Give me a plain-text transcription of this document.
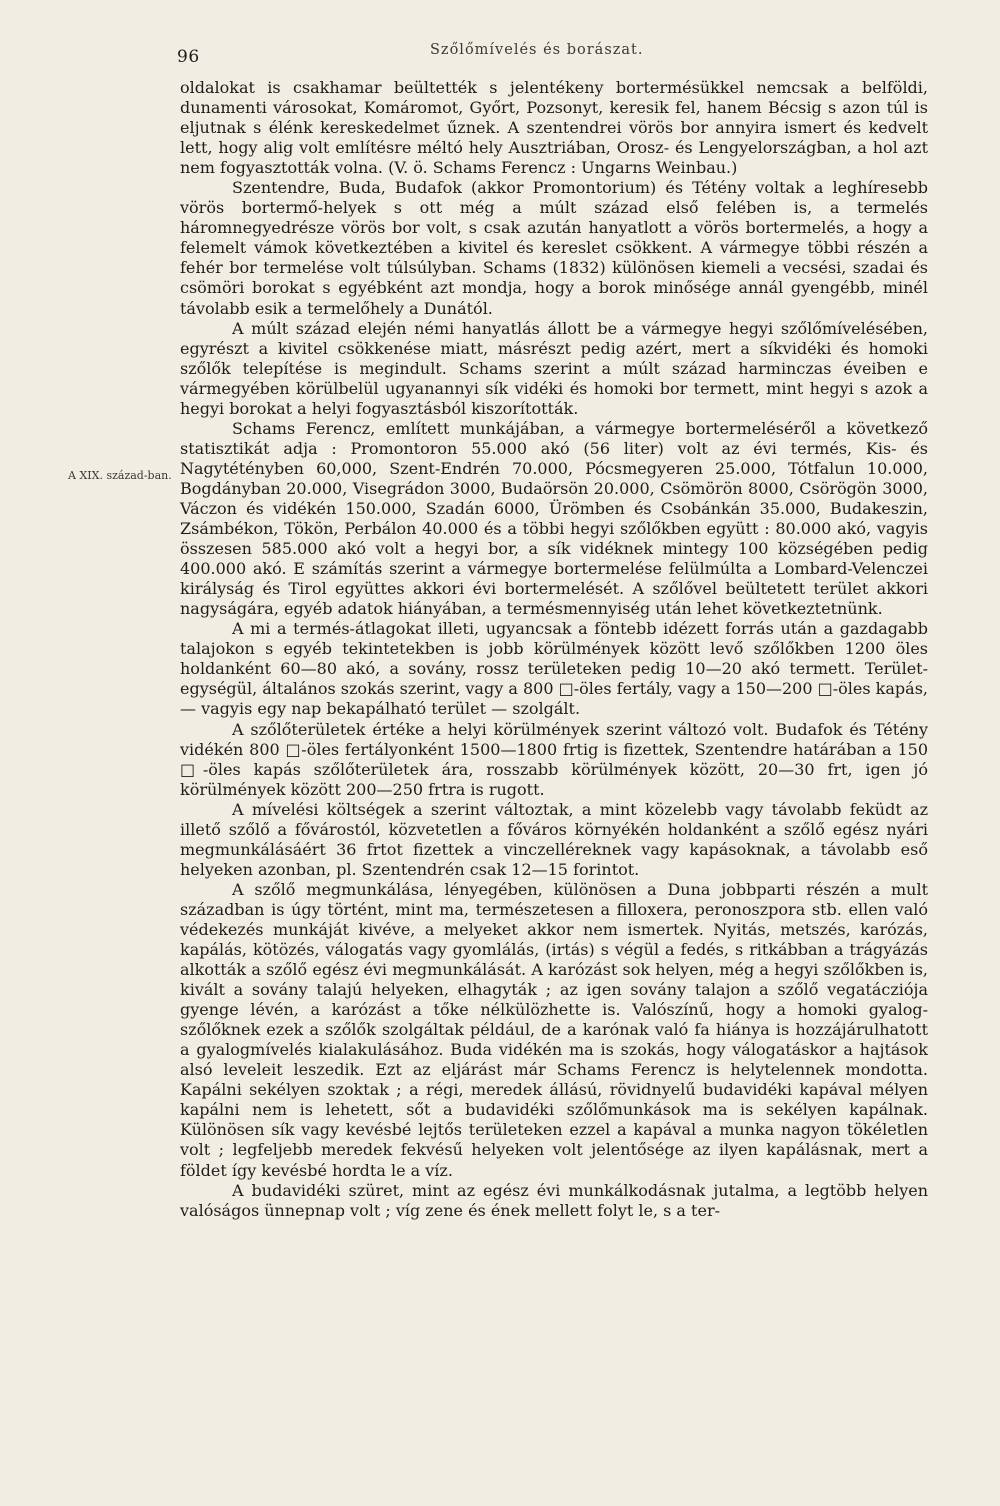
96	Szőlőmívelés és borászat.
A XIX. század-ban.

oldalokat is csakhamar beültették s jelentékeny bortermésükkel nemcsak a belföldi, dunamenti városokat, Komáromot, Győrt, Pozsonyt, keresik fel, hanem Bécsig s azon túl is eljutnak s élénk kereskedelmet űznek. A szentendrei vörös bor annyira ismert és kedvelt lett, hogy alig volt említésre méltó hely Ausztriában, Orosz- és Lengyelországban, a hol azt nem fogyasztották volna. (V. ö. Schams Ferencz : Ungarns Weinbau.)

Szentendre, Buda, Budafok (akkor Promontorium) és Tétény voltak a leghíresebb vörös bortermő-helyek s ott még a múlt század első felében is, a termelés háromnegyedrésze vörös bor volt, s csak azután hanyatlott a vörös bortermelés, a hogy a felemelt vámok következtében a kivitel és kereslet csökkent. A vármegye többi részén a fehér bor termelése volt túlsúlyban. Schams (1832) különösen kiemeli a vecsési, szadai és csömöri borokat s egyébként azt mondja, hogy a borok minősége annál gyengébb, minél távolabb esik a termelőhely a Dunától.

A múlt század elején némi hanyatlás állott be a vármegye hegyi szőlőmívelésében, egyrészt a kivitel csökkenése miatt, másrészt pedig azért, mert a síkvidéki és homoki szőlők telepítése is megindult. Schams szerint a múlt század harminczas éveiben e vármegyében körülbelül ugyanannyi sík vidéki és homoki bor termett, mint hegyi s azok a hegyi borokat a helyi fogyasztásból kiszorították.

Schams Ferencz, említett munkájában, a vármegye bortermeléséről a következő statisztikát adja : Promontoron 55.000 akó (56 liter) volt az évi termés, Kis- és Nagytétényben 60,000, Szent-Endrén 70.000, Pócsmegyeren 25.000, Tótfalun 10.000, Bogdányban 20.000, Visegrádon 3000, Budaörsön 20.000, Csömörön 8000, Csörögön 3000, Váczon és vidékén 150.000, Szadán 6000, Ürömben és Csobánkán 35.000, Budakeszin, Zsámbékon, Tökön, Perbálon 40.000 és a többi hegyi szőlőkben együtt : 80.000 akó, vagyis összesen 585.000 akó volt a hegyi bor, a sík vidéknek mintegy 100 községében pedig 400.000 akó. E számítás szerint a vármegye bortermelése felülmúlta a Lombard-Velenczei királyság és Tirol együttes akkori évi bortermelését. A szőlővel beültetett terület akkori nagyságára, egyéb adatok hiányában, a termésmennyiség után lehet következtetnünk.

A mi a termés-átlagokat illeti, ugyancsak a föntebb idézett forrás után a gazdagabb talajokon s egyéb tekintetekben is jobb körülmények között levő szőlőkben 1200 öles holdanként 60—80 akó, a sovány, rossz területeken pedig 10—20 akó termett. Terület-egységül, általános szokás szerint, vagy a 800 □-öles fertály, vagy a 150—200 □-öles kapás, — vagyis egy nap bekapálható terület — szolgált.

A szőlőterületek értéke a helyi körülmények szerint változó volt. Budafok és Tétény vidékén 800 □-öles fertályonként 1500—1800 frtig is fizettek, Szentendre határában a 150 □-öles kapás szőlőterületek ára, rosszabb körülmények között, 20—30 frt, igen jó körülmények között 200—250 frtra is rugott.

A mívelési költségek a szerint változtak, a mint közelebb vagy távolabb feküdt az illető szőlő a fővárostól, közvetetlen a főváros környékén holdanként a szőlő egész nyári megmunkálásáért 36 frtot fizettek a vinczelléreknek vagy kapásoknak, a távolabb eső helyeken azonban, pl. Szentendrén csak 12—15 forintot.

A szőlő megmunkálása, lényegében, különösen a Duna jobbparti részén a mult században is úgy történt, mint ma, természetesen a filloxera, peronoszpora stb. ellen való védekezés munkáját kivéve, a melyeket akkor nem ismertek. Nyitás, metszés, karózás, kapálás, kötözés, válogatás vagy gyomlálás, (irtás) s végül a fedés, s ritkábban a trágyázás alkották a szőlő egész évi megmunkálását. A karózást sok helyen, még a hegyi szőlőkben is, kivált a sovány talajú helyeken, elhagyták ; az igen sovány talajon a szőlő vegatácziója gyenge lévén, a karózást a tőke nélkülözhette is. Valószínű, hogy a homoki gyalog-szőlőknek ezek a szőlők szolgáltak például, de a karónak való fa hiánya is hozzájárulhatott a gyalogmívelés kialakulásához. Buda vidékén ma is szokás, hogy válogatáskor a hajtások alsó leveleit leszedik. Ezt az eljárást már Schams Ferencz is helytelennek mondotta. Kapálni sekélyen szoktak ; a régi, meredek állású, rövidnyelű budavidéki kapával mélyen kapálni nem is lehetett, sőt a budavidéki szőlőmunkások ma is sekélyen kapálnak. Különösen sík vagy kevésbé lejtős területeken ezzel a kapával a munka nagyon tökéletlen volt ; legfeljebb meredek fekvésű helyeken volt jelentősége az ilyen kapálásnak, mert a földet így kevésbé hordta le a víz.

A budavidéki szüret, mint az egész évi munkálkodásnak jutalma, a legtöbb helyen valóságos ünnepnap volt ; víg zene és ének mellett folyt le, s a ter-
